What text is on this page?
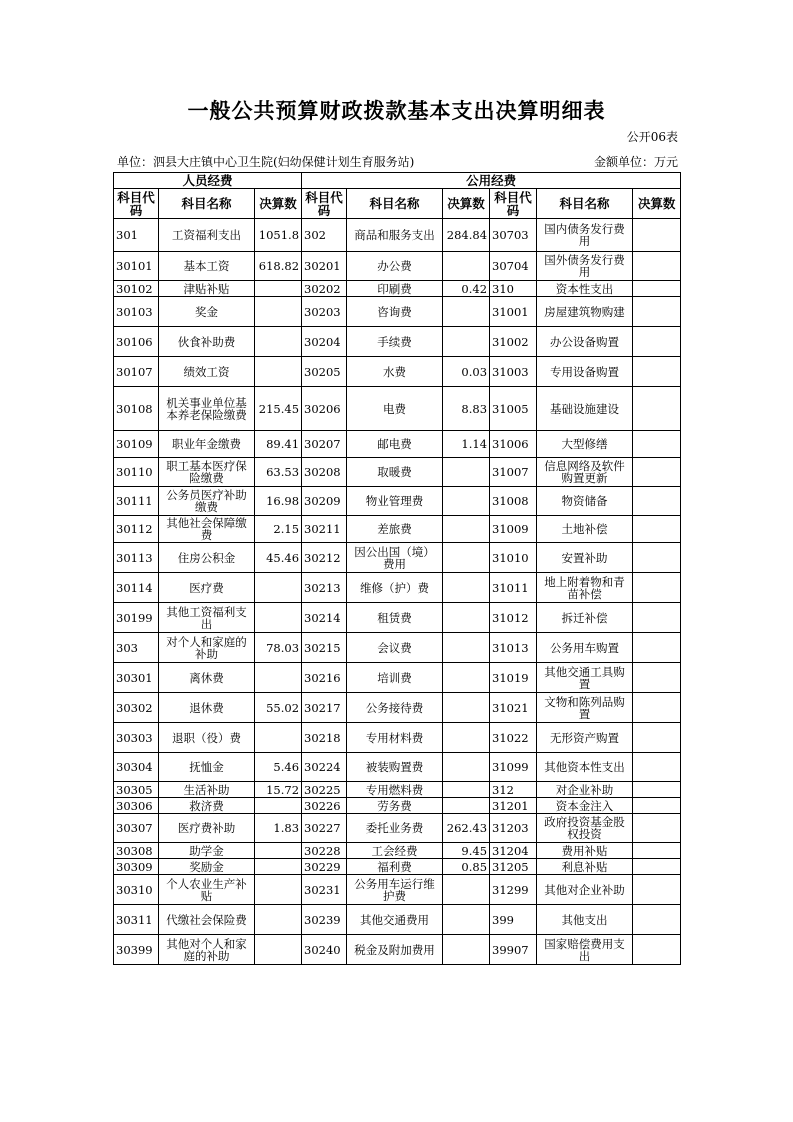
一般公共预算财政拨款基本支出决算明细表
公开06表
单位：泗县大庄镇中心卫生院(妇幼保健计划生育服务站)	金额单位：万元
人员经费			公用经费					
科目代码	科目名称	决算数	科目代码	科目名称	决算数	科目代码	科目名称	决算数
301	工资福利支出	1051.8	302	商品和服务支出	284.84	30703	国内债务发行费用	
30101	基本工资	618.82	30201	办公费		30704	国外债务发行费用	
30102	津贴补贴		30202	印刷费	0.42	310	资本性支出	
30103	奖金		30203	咨询费		31001	房屋建筑物购建	
30106	伙食补助费		30204	手续费		31002	办公设备购置	
30107	绩效工资		30205	水费	0.03	31003	专用设备购置	
30108	机关事业单位基本养老保险缴费	215.45	30206	电费	8.83	31005	基础设施建设	
30109	职业年金缴费	89.41	30207	邮电费	1.14	31006	大型修缮	
30110	职工基本医疗保险缴费	63.53	30208	取暖费		31007	信息网络及软件购置更新	
30111	公务员医疗补助缴费	16.98	30209	物业管理费		31008	物资储备	
30112	其他社会保障缴费	2.15	30211	差旅费		31009	土地补偿	
30113	住房公积金	45.46	30212	因公出国（境）费用		31010	安置补助	
30114	医疗费		30213	维修（护）费		31011	地上附着物和青苗补偿	
30199	其他工资福利支出		30214	租赁费		31012	拆迁补偿	
303	对个人和家庭的补助	78.03	30215	会议费		31013	公务用车购置	
30301	离休费		30216	培训费		31019	其他交通工具购置	
30302	退休费	55.02	30217	公务接待费		31021	文物和陈列品购置	
30303	退职（役）费		30218	专用材料费		31022	无形资产购置	
30304	抚恤金	5.46	30224	被装购置费		31099	其他资本性支出	
30305	生活补助	15.72	30225	专用燃料费		312	对企业补助	
30306	救济费		30226	劳务费		31201	资本金注入	
30307	医疗费补助	1.83	30227	委托业务费	262.43	31203	政府投资基金股权投资	
30308	助学金		30228	工会经费	9.45	31204	费用补贴	
30309	奖励金		30229	福利费	0.85	31205	利息补贴	
30310	个人农业生产补贴		30231	公务用车运行维护费		31299	其他对企业补助	
30311	代缴社会保险费		30239	其他交通费用		399	其他支出	
30399	其他对个人和家庭的补助		30240	税金及附加费用		39907	国家赔偿费用支出	
